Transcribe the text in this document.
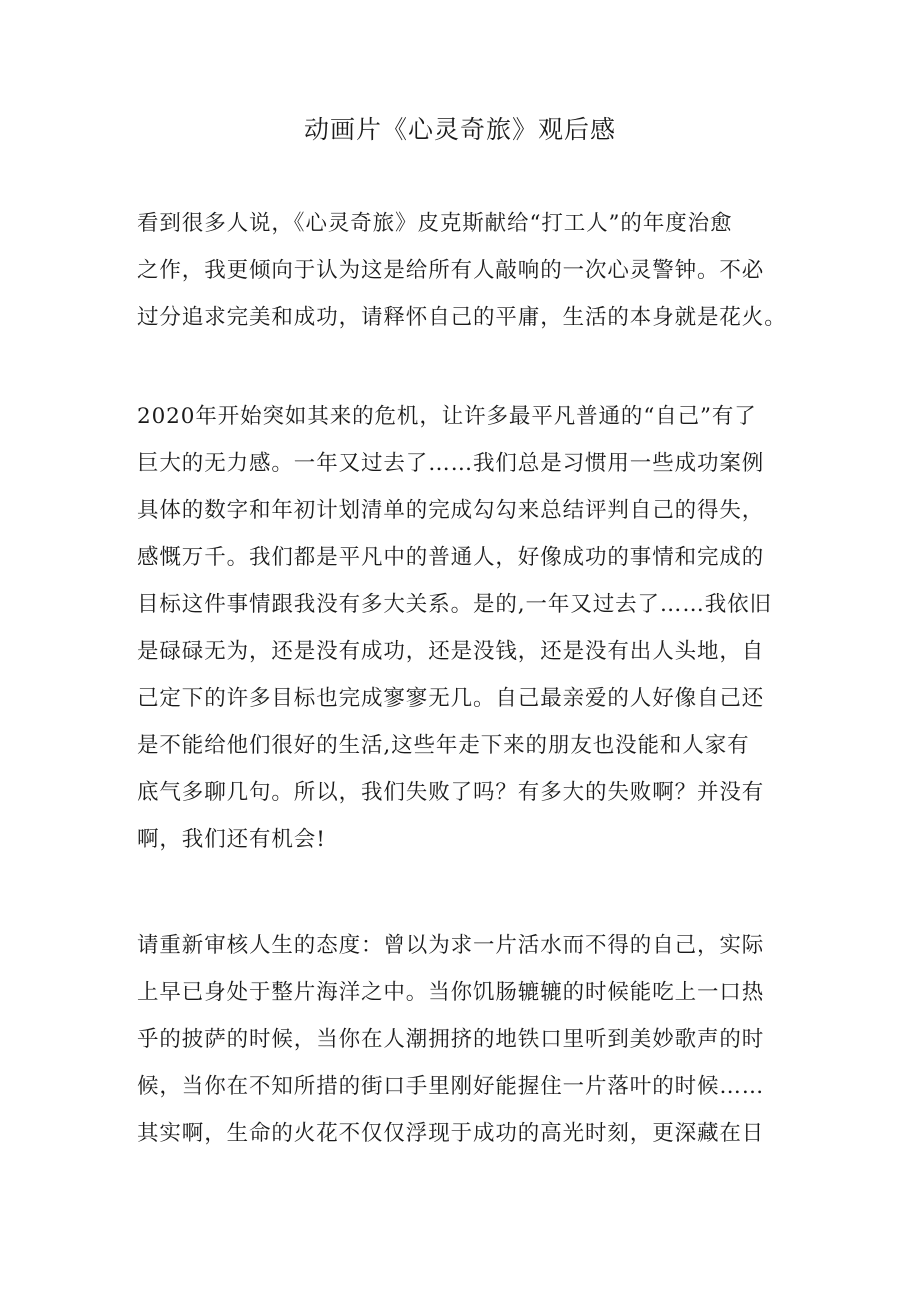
动画片《心灵奇旅》观后感
看到很多人说，《心灵奇旅》皮克斯献给“打工人”的年度治愈
之作，我更倾向于认为这是给所有人敲响的一次心灵警钟。不必
过分追求完美和成功，请释怀自己的平庸，生活的本身就是花火。
2020年开始突如其来的危机，让许多最平凡普通的“自己”有了
巨大的无力感。一年又过去了……我们总是习惯用一些成功案例
具体的数字和年初计划清单的完成勾勾来总结评判自己的得失，
感慨万千。我们都是平凡中的普通人，好像成功的事情和完成的
目标这件事情跟我没有多大关系。是的,一年又过去了……我依旧
是碌碌无为，还是没有成功，还是没钱，还是没有出人头地，自
己定下的许多目标也完成寥寥无几。自己最亲爱的人好像自己还
是不能给他们很好的生活,这些年走下来的朋友也没能和人家有
底气多聊几句。所以，我们失败了吗？有多大的失败啊？并没有
啊，我们还有机会!
请重新审核人生的态度：曾以为求一片活水而不得的自己，实际
上早已身处于整片海洋之中。当你饥肠辘辘的时候能吃上一口热
乎的披萨的时候，当你在人潮拥挤的地铁口里听到美妙歌声的时
候，当你在不知所措的街口手里刚好能握住一片落叶的时候……
其实啊，生命的火花不仅仅浮现于成功的高光时刻，更深藏在日
